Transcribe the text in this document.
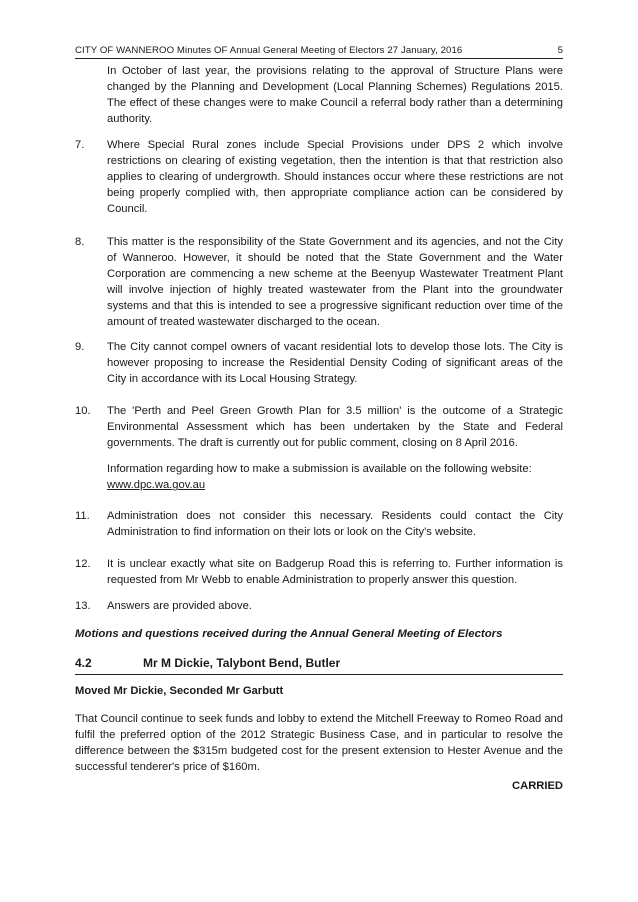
CITY OF WANNEROO Minutes OF Annual General Meeting of Electors 27 January, 2016	5
In October of last year, the provisions relating to the approval of Structure Plans were changed by the Planning and Development (Local Planning Schemes) Regulations 2015. The effect of these changes were to make Council a referral body rather than a determining authority.
7.	Where Special Rural zones include Special Provisions under DPS 2 which involve restrictions on clearing of existing vegetation, then the intention is that that restriction also applies to clearing of undergrowth. Should instances occur where these restrictions are not being properly complied with, then appropriate compliance action can be considered by Council.
8.	This matter is the responsibility of the State Government and its agencies, and not the City of Wanneroo. However, it should be noted that the State Government and the Water Corporation are commencing a new scheme at the Beenyup Wastewater Treatment Plant will involve injection of highly treated wastewater from the Plant into the groundwater systems and that this is intended to see a progressive significant reduction over time of the amount of treated wastewater discharged to the ocean.
9.	The City cannot compel owners of vacant residential lots to develop those lots. The City is however proposing to increase the Residential Density Coding of significant areas of the City in accordance with its Local Housing Strategy.
10.	The 'Perth and Peel Green Growth Plan for 3.5 million' is the outcome of a Strategic Environmental Assessment which has been undertaken by the State and Federal governments. The draft is currently out for public comment, closing on 8 April 2016.
Information regarding how to make a submission is available on the following website:
www.dpc.wa.gov.au
11.	Administration does not consider this necessary. Residents could contact the City Administration to find information on their lots or look on the City's website.
12.	It is unclear exactly what site on Badgerup Road this is referring to. Further information is requested from Mr Webb to enable Administration to properly answer this question.
13.	Answers are provided above.
Motions and questions received during the Annual General Meeting of Electors
4.2	Mr M Dickie, Talybont Bend, Butler
Moved Mr Dickie, Seconded Mr Garbutt
That Council continue to seek funds and lobby to extend the Mitchell Freeway to Romeo Road and fulfil the preferred option of the 2012 Strategic Business Case, and in particular to resolve the difference between the $315m budgeted cost for the present extension to Hester Avenue and the successful tenderer's price of $160m.
CARRIED
